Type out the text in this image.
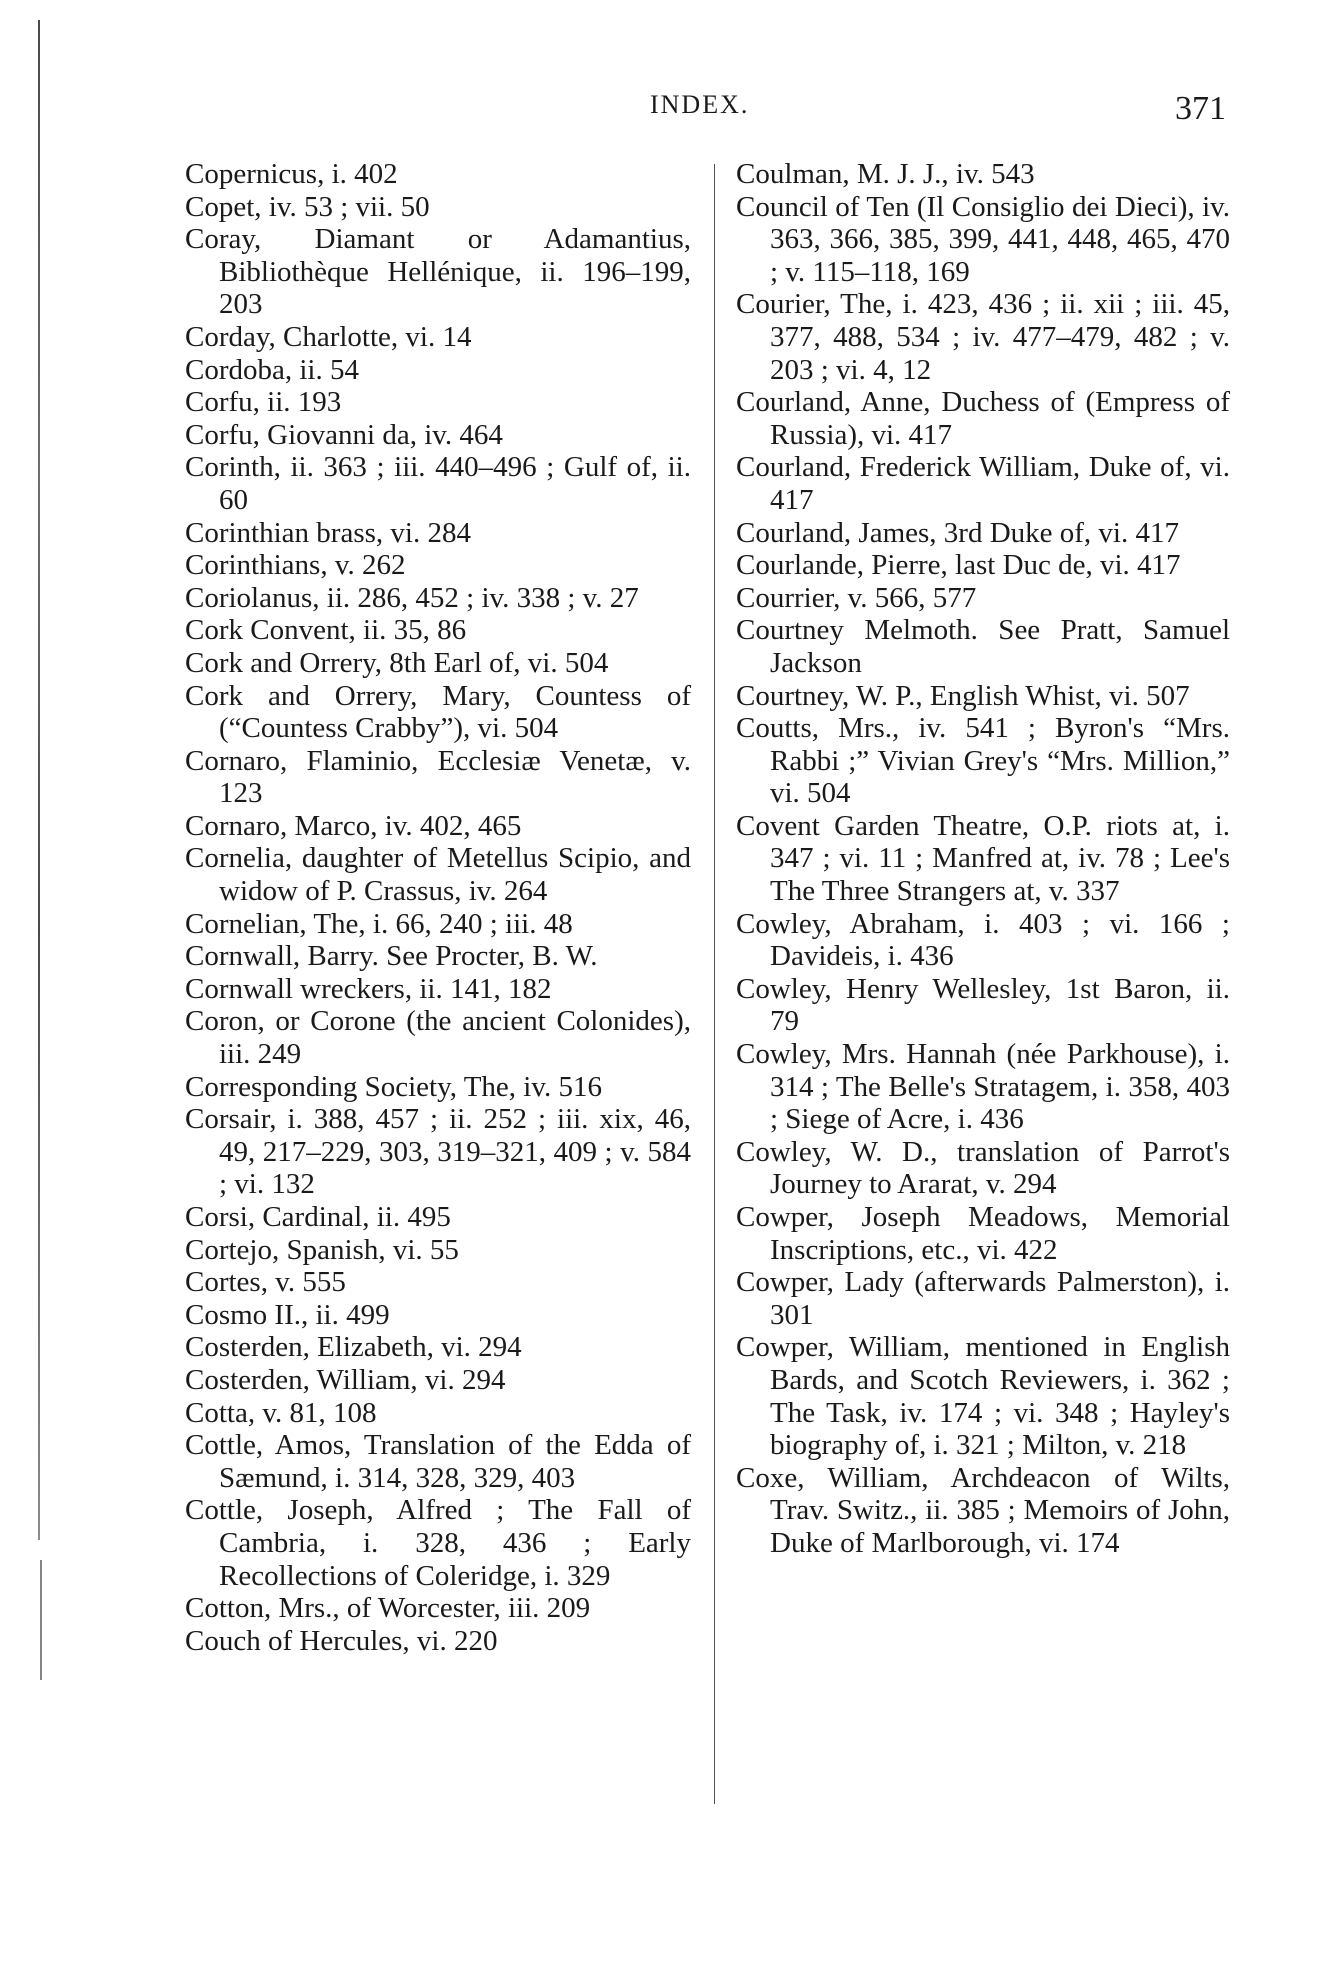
INDEX.	371

Copernicus, i. 402

Copet, iv. 53 ; vii. 50

Coray, Diamant or Adamantius, Bibliothèque Hellénique, ii. 196–199, 203

Corday, Charlotte, vi. 14

Cordoba, ii. 54

Corfu, ii. 193

Corfu, Giovanni da, iv. 464

Corinth, ii. 363 ; iii. 440–496 ; Gulf of, ii. 60

Corinthian brass, vi. 284

Corinthians, v. 262

Coriolanus, ii. 286, 452 ; iv. 338 ; v. 27

Cork Convent, ii. 35, 86

Cork and Orrery, 8th Earl of, vi. 504

Cork and Orrery, Mary, Countess of (“Countess Crabby”), vi. 504

Cornaro, Flaminio, Ecclesiæ Venetæ, v. 123

Cornaro, Marco, iv. 402, 465

Cornelia, daughter of Metellus Scipio, and widow of P. Crassus, iv. 264

Cornelian, The, i. 66, 240 ; iii. 48

Cornwall, Barry. See Procter, B. W.

Cornwall wreckers, ii. 141, 182

Coron, or Corone (the ancient Colonides), iii. 249

Corresponding Society, The, iv. 516

Corsair, i. 388, 457 ; ii. 252 ; iii. xix, 46, 49, 217–229, 303, 319–321, 409 ; v. 584 ; vi. 132

Corsi, Cardinal, ii. 495

Cortejo, Spanish, vi. 55

Cortes, v. 555

Cosmo II., ii. 499

Costerden, Elizabeth, vi. 294

Costerden, William, vi. 294

Cotta, v. 81, 108

Cottle, Amos, Translation of the Edda of Sæmund, i. 314, 328, 329, 403

Cottle, Joseph, Alfred ; The Fall of Cambria, i. 328, 436 ; Early Recollections of Coleridge, i. 329

Cotton, Mrs., of Worcester, iii. 209

Couch of Hercules, vi. 220

Coulman, M. J. J., iv. 543

Council of Ten (Il Consiglio dei Dieci), iv. 363, 366, 385, 399, 441, 448, 465, 470 ; v. 115–118, 169

Courier, The, i. 423, 436 ; ii. xii ; iii. 45, 377, 488, 534 ; iv. 477–479, 482 ; v. 203 ; vi. 4, 12

Courland, Anne, Duchess of (Empress of Russia), vi. 417

Courland, Frederick William, Duke of, vi. 417

Courland, James, 3rd Duke of, vi. 417

Courlande, Pierre, last Duc de, vi. 417

Courrier, v. 566, 577

Courtney Melmoth. See Pratt, Samuel Jackson

Courtney, W. P., English Whist, vi. 507

Coutts, Mrs., iv. 541 ; Byron's “Mrs. Rabbi ;” Vivian Grey's “Mrs. Million,” vi. 504

Covent Garden Theatre, O.P. riots at, i. 347 ; vi. 11 ; Manfred at, iv. 78 ; Lee's The Three Strangers at, v. 337

Cowley, Abraham, i. 403 ; vi. 166 ; Davideis, i. 436

Cowley, Henry Wellesley, 1st Baron, ii. 79

Cowley, Mrs. Hannah (née Parkhouse), i. 314 ; The Belle's Stratagem, i. 358, 403 ; Siege of Acre, i. 436

Cowley, W. D., translation of Parrot's Journey to Ararat, v. 294

Cowper, Joseph Meadows, Memorial Inscriptions, etc., vi. 422

Cowper, Lady (afterwards Palmerston), i. 301

Cowper, William, mentioned in English Bards, and Scotch Reviewers, i. 362 ; The Task, iv. 174 ; vi. 348 ; Hayley's biography of, i. 321 ; Milton, v. 218

Coxe, William, Archdeacon of Wilts, Trav. Switz., ii. 385 ; Memoirs of John, Duke of Marlborough, vi. 174
